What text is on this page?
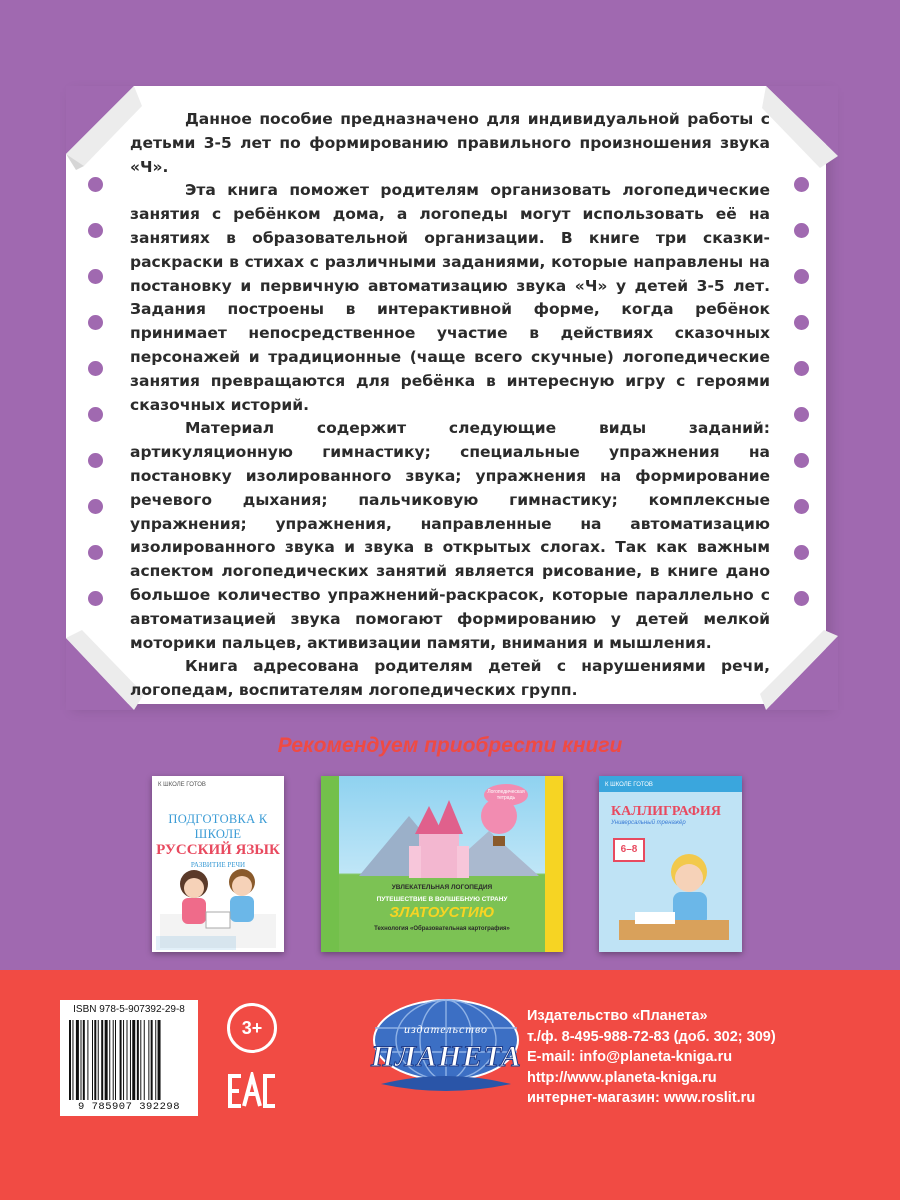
Данное пособие предназначено для индивидуальной работы с детьми 3-5 лет по формированию правильного произношения звука «Ч».

Эта книга поможет родителям организовать логопедические занятия с ребёнком дома, а логопеды могут использовать её на занятиях в образовательной организации. В книге три сказки-раскраски в стихах с различными заданиями, которые направлены на постановку и первичную автоматизацию звука «Ч» у детей 3-5 лет. Задания построены в интерактивной форме, когда ребёнок принимает непосредственное участие в действиях сказочных персонажей и традиционные (чаще всего скучные) логопедические занятия превращаются для ребёнка в интересную игру с героями сказочных историй.

Материал содержит следующие виды заданий: артикуляционную гимнастику; специальные упражнения на постановку изолированного звука; упражнения на формирование речевого дыхания; пальчиковую гимнастику; комплексные упражнения; упражнения, направленные на автоматизацию изолированного звука и звука в открытых слогах. Так как важным аспектом логопедических занятий является рисование, в книге дано большое количество упражнений-раскрасок, которые параллельно с автоматизацией звука помогают формированию у детей мелкой моторики пальцев, активизации памяти, внимания и мышления.

Книга адресована родителям детей с нарушениями речи, логопедам, воспитателям логопедических групп.

Рекомендуем приобрести книги
К ШКОЛЕ ГОТОВ
ПОДГОТОВКА К ШКОЛЕ
РУССКИЙ ЯЗЫК
РАЗВИТИЕ РЕЧИ
Логопедическая тетрадь
УВЛЕКАТЕЛЬНАЯ ЛОГОПЕДИЯ
ПУТЕШЕСТВИЕ В ВОЛШЕБНУЮ СТРАНУ
ЗЛАТОУСТИЮ
Технология «Образовательная картография»
К ШКОЛЕ ГОТОВ
КАЛЛИГРАФИЯ
Универсальный тренажёр
6–8
ISBN 978-5-907392-29-8
9 785907 392298
3+	издательство
ПЛАНЕТА
Издательство «Планета»
т./ф. 8-495-988-72-83 (доб. 302; 309)
E-mail: info@planeta-kniga.ru
http://www.planeta-kniga.ru
интернет-магазин: www.roslit.ru
